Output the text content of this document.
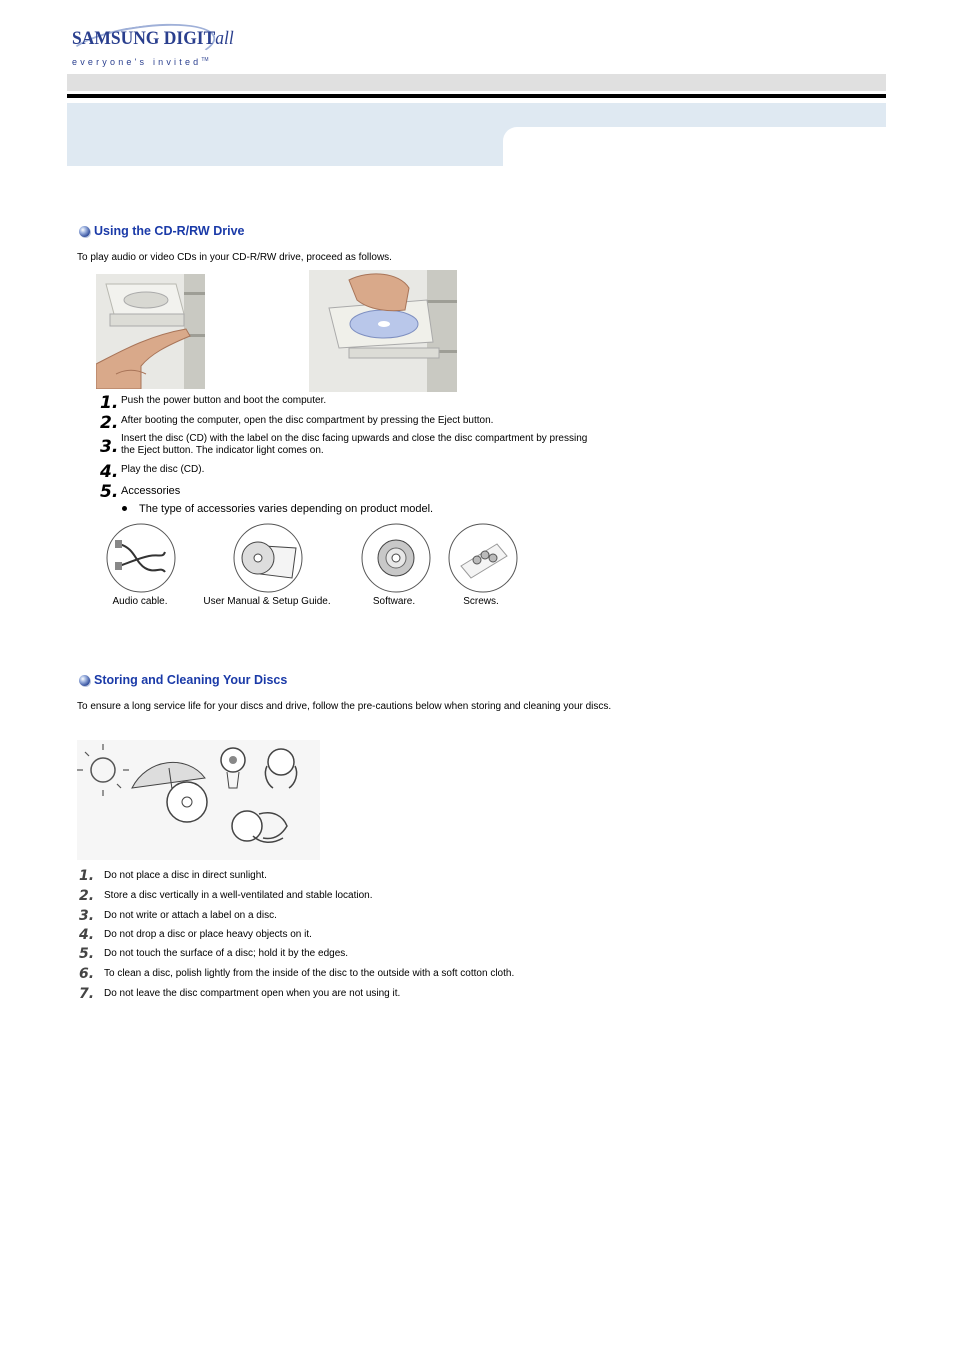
SAMSUNG DIGITall
everyone's invited™
Using the CD-R/RW Drive
To play audio or video CDs in your CD-R/RW drive, proceed as follows.
1. Push the power button and boot the computer.
2. After booting the computer, open the disc compartment by pressing the Eject button.
3. Insert the disc (CD) with the label on the disc facing upwards and close the disc compartment by pressing the Eject button. The indicator light comes on.
4. Play the disc (CD).
5. Accessories
The type of accessories varies depending on product model.
Audio cable.	User Manual & Setup Guide.	Software.	Screws.
Storing and Cleaning Your Discs
To ensure a long service life for your discs and drive, follow the pre-cautions below when storing and cleaning your discs.
1. Do not place a disc in direct sunlight.
2. Store a disc vertically in a well-ventilated and stable location.
3. Do not write or attach a label on a disc.
4. Do not drop a disc or place heavy objects on it.
5. Do not touch the surface of a disc; hold it by the edges.
6. To clean a disc, polish lightly from the inside of the disc to the outside with a soft cotton cloth.
7. Do not leave the disc compartment open when you are not using it.
